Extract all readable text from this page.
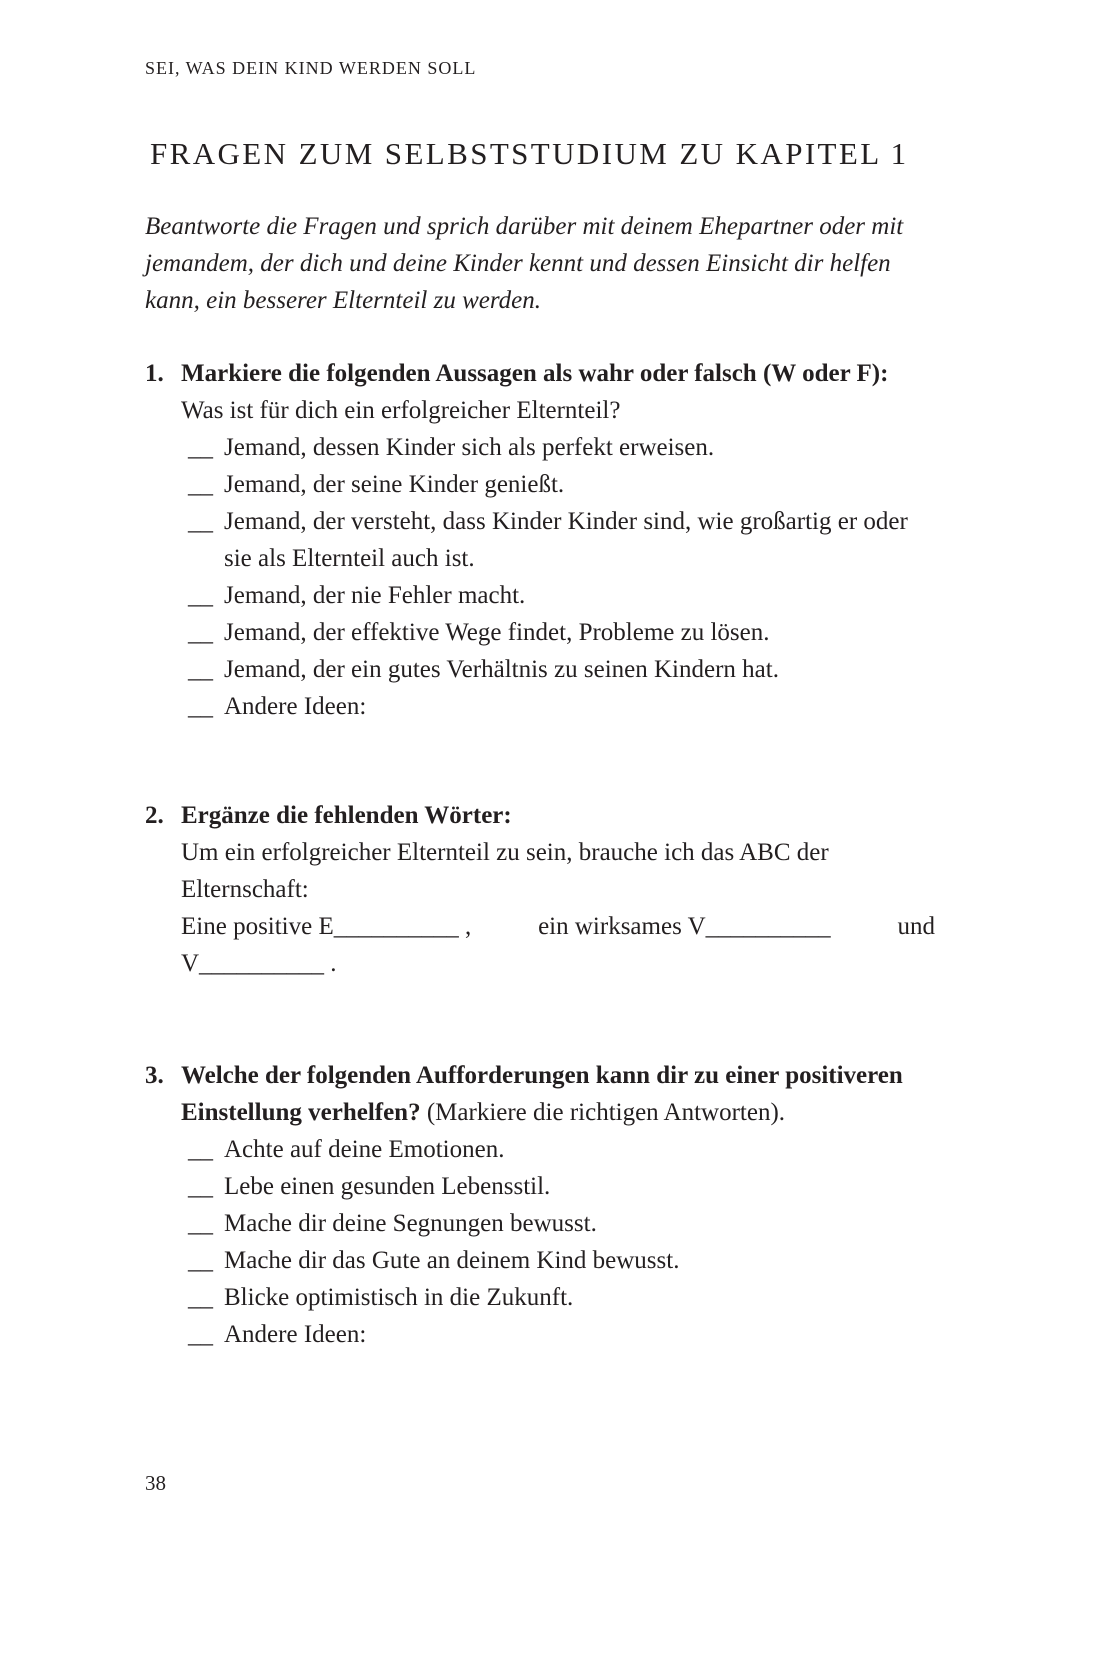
SEI, WAS DEIN KIND WERDEN SOLL
FRAGEN ZUM SELBSTSTUDIUM ZU KAPITEL 1
Beantworte die Fragen und sprich darüber mit deinem Ehepartner oder mit jemandem, der dich und deine Kinder kennt und dessen Einsicht dir helfen kann, ein besserer Elternteil zu werden.
1. Markiere die folgenden Aussagen als wahr oder falsch (W oder F):
Was ist für dich ein erfolgreicher Elternteil?
__ Jemand, dessen Kinder sich als perfekt erweisen.
__ Jemand, der seine Kinder genießt.
__ Jemand, der versteht, dass Kinder Kinder sind, wie großartig er oder sie als Elternteil auch ist.
__ Jemand, der nie Fehler macht.
__ Jemand, der effektive Wege findet, Probleme zu lösen.
__ Jemand, der ein gutes Verhältnis zu seinen Kindern hat.
__ Andere Ideen:
2. Ergänze die fehlenden Wörter:
Um ein erfolgreicher Elternteil zu sein, brauche ich das ABC der Elternschaft:
Eine positive E__________ ,	ein wirksames V__________	und
V__________ .
3. Welche der folgenden Aufforderungen kann dir zu einer positiveren Einstellung verhelfen? (Markiere die richtigen Antworten).
__ Achte auf deine Emotionen.
__ Lebe einen gesunden Lebensstil.
__ Mache dir deine Segnungen bewusst.
__ Mache dir das Gute an deinem Kind bewusst.
__ Blicke optimistisch in die Zukunft.
__ Andere Ideen:
38
